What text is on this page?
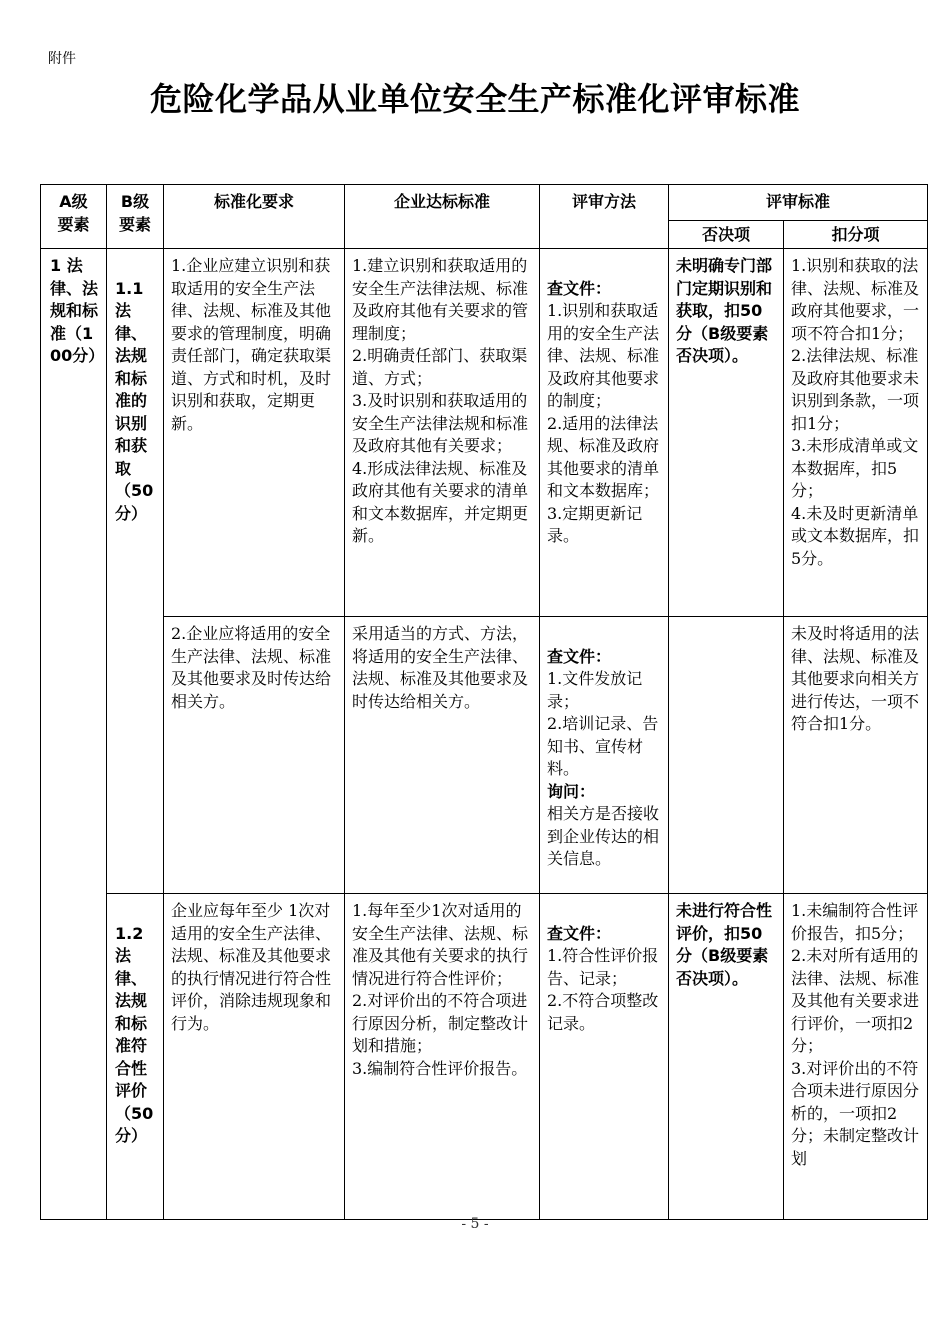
附件
危险化学品从业单位安全生产标准化评审标准
A级
要素	B级
要素	标准化要求	企业达标标准	评审方法	评审标准	
					否决项	扣分项
1 法律、法规和标准（100分）	1.1
法律、法规和标准的识别和获取
（50分）	1.企业应建立识别和获取适用的安全生产法律、法规、标准及其他要求的管理制度，明确责任部门，确定获取渠道、方式和时机，及时识别和获取，定期更新。	1.建立识别和获取适用的安全生产法律法规、标准及政府其他有关要求的管理制度；
2.明确责任部门、获取渠道、方式；
3.及时识别和获取适用的安全生产法律法规和标准及政府其他有关要求；
4.形成法律法规、标准及政府其他有关要求的清单和文本数据库，并定期更新。	查文件：
1.识别和获取适用的安全生产法律、法规、标准及政府其他要求的制度；
2.适用的法律法规、标准及政府其他要求的清单和文本数据库；
3.定期更新记录。	未明确专门部门定期识别和获取，扣50分（B级要素否决项）。	1.识别和获取的法律、法规、标准及政府其他要求，一项不符合扣1分；
2.法律法规、标准及政府其他要求未识别到条款，一项扣1分；
3.未形成清单或文本数据库，扣5分；
4.未及时更新清单或文本数据库，扣5分。
		2.企业应将适用的安全生产法律、法规、标准及其他要求及时传达给相关方。	采用适当的方式、方法，将适用的安全生产法律、法规、标准及其他要求及时传达给相关方。	查文件：
1.文件发放记录；
2.培训记录、告知书、宣传材料。
询问：
相关方是否接收到企业传达的相关信息。		未及时将适用的法律、法规、标准及其他要求向相关方进行传达，一项不符合扣1分。

	1.2
法律、法规和标准符合性评价
（50分）	企业应每年至少 1次对适用的安全生产法律、法规、标准及其他要求的执行情况进行符合性评价，消除违规现象和行为。	1.每年至少1次对适用的安全生产法律、法规、标准及其他有关要求的执行情况进行符合性评价；
2.对评价出的不符合项进行原因分析，制定整改计划和措施；
3.编制符合性评价报告。	查文件：
1.符合性评价报告、记录；
2.不符合项整改记录。	未进行符合性评价，扣50分（B级要素否决项）。	1.未编制符合性评价报告，扣5分；
2.未对所有适用的法律、法规、标准及其他有关要求进行评价，一项扣2分；
3.对评价出的不符合项未进行原因分析的，一项扣2分；未制定整改计划
- 5 -
